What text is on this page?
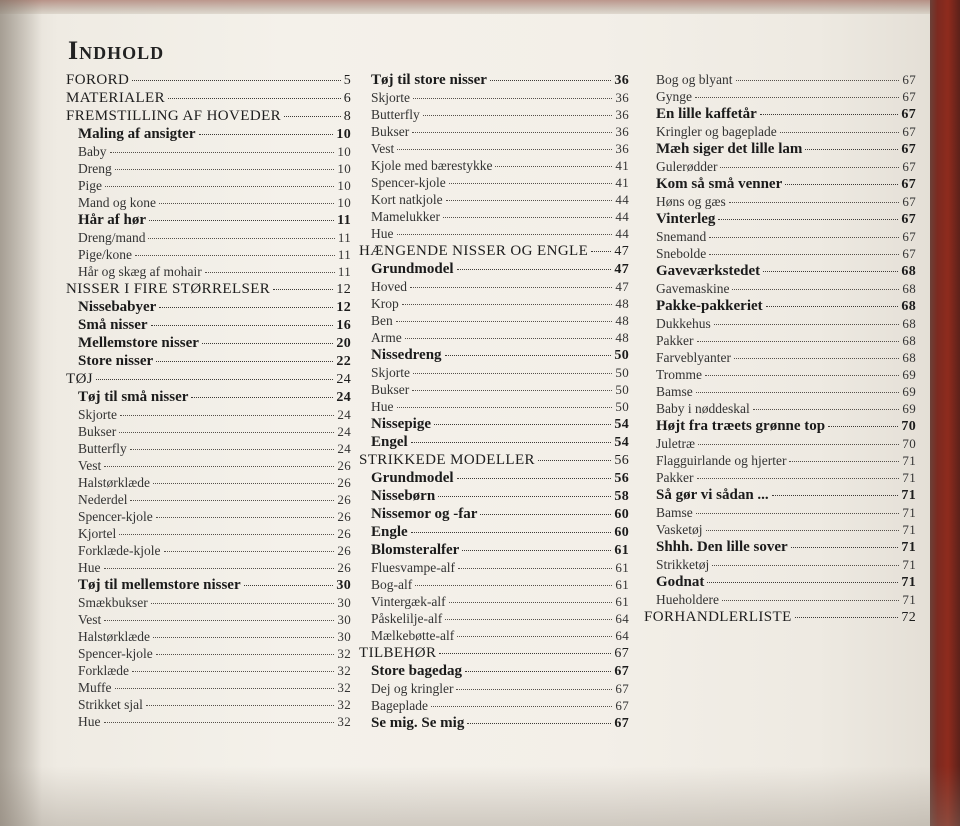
Indhold
FORORD	5
MATERIALER	6
FREMSTILLING AF HOVEDER	8
Maling af ansigter	10
Baby	10
Dreng	10
Pige	10
Mand og kone	10
Hår af hør	11
Dreng/mand	11
Pige/kone	11
Hår og skæg af mohair	11
NISSER I FIRE STØRRELSER	12
Nissebabyer	12
Små nisser	16
Mellemstore nisser	20
Store nisser	22
TØJ	24
Tøj til små nisser	24
Skjorte	24
Bukser	24
Butterfly	24
Vest	26
Halstørklæde	26
Nederdel	26
Spencer-kjole	26
Kjortel	26
Forklæde-kjole	26
Hue	26
Tøj til mellemstore nisser	30
Smækbukser	30
Vest	30
Halstørklæde	30
Spencer-kjole	32
Forklæde	32
Muffe	32
Strikket sjal	32
Hue	32
Tøj til store nisser	36
Skjorte	36
Butterfly	36
Bukser	36
Vest	36
Kjole med bærestykke	41
Spencer-kjole	41
Kort natkjole	44
Mamelukker	44
Hue	44
HÆNGENDE NISSER OG ENGLE 47
Grundmodel	47
Hoved	47
Krop	48
Ben	48
Arme	48
Nissedreng	50
Skjorte	50
Bukser	50
Hue	50
Nissepige	54
Engel	54
STRIKKEDE MODELLER	56
Grundmodel	56
Nissebørn	58
Nissemor og -far	60
Engle	60
Blomsteralfer	61
Fluesvampe-alf	61
Bog-alf	61
Vintergæk-alf	61
Påskelilje-alf	64
Mælkebøtte-alf	64
TILBEHØR	67
Store bagedag	67
Dej og kringler	67
Bageplade	67
Se mig. Se mig	67
Bog og blyant	67
Gynge	67
En lille kaffetår	67
Kringler og bageplade	67
Mæh siger det lille lam	67
Gulerødder	67
Kom så små venner	67
Høns og gæs	67
Vinterleg	67
Snemand	67
Snebolde	67
Gaveværkstedet	68
Gavemaskine	68
Pakke-pakkeriet	68
Dukkehus	68
Pakker	68
Farveblyanter	68
Tromme	69
Bamse	69
Baby i nøddeskal	69
Højt fra træets grønne top	70
Juletræ	70
Flagguirlande og hjerter	71
Pakker	71
Så gør vi sådan ...	71
Bamse	71
Vasketøj	71
Shhh. Den lille sover	71
Strikketøj	71
Godnat	71
Hueholdere	71
FORHANDLERLISTE	72
